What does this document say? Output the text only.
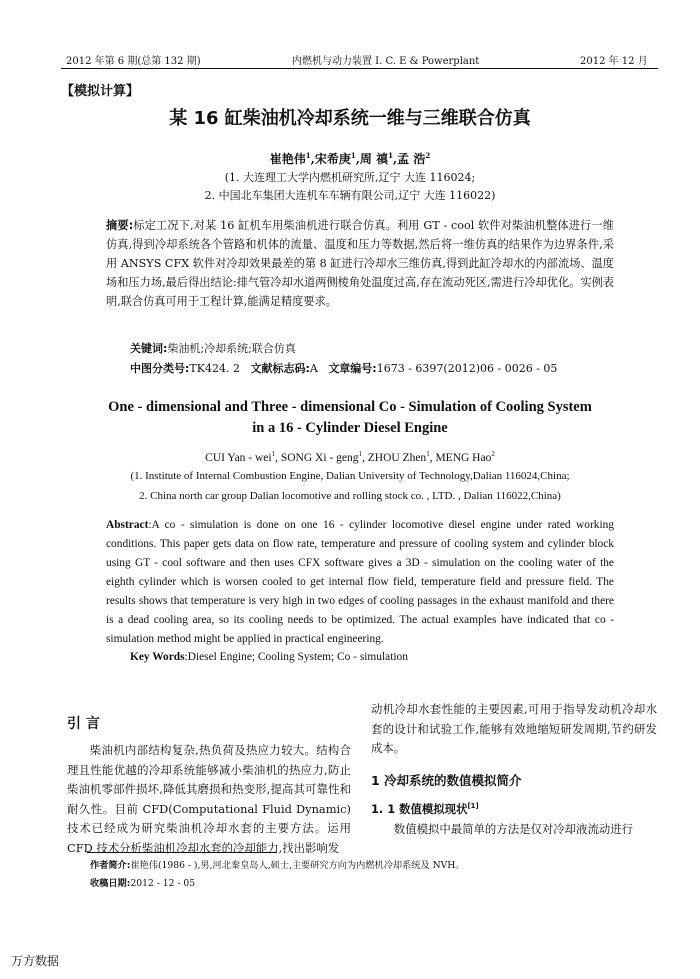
2012 年第 6 期(总第 132 期)	内燃机与动力装置 I. C. E & Powerplant	2012 年 12 月
【模拟计算】
某 16 缸柴油机冷却系统一维与三维联合仿真
崔艳伟$^1$,宋希庚$^1$,周 禛$^1$,孟 浩$^2$
(1. 大连理工大学内燃机研究所,辽宁 大连 116024;
2. 中国北车集团大连机车车辆有限公司,辽宁 大连 116022)
摘要:标定工况下,对某 16 缸机车用柴油机进行联合仿真。利用 GT - cool 软件对柴油机整体进行一维仿真,得到冷却系统各个管路和机体的流量、温度和压力等数据,然后将一维仿真的结果作为边界条件,采用 ANSYS CFX 软件对冷却效果最差的第 8 缸进行冷却水三维仿真,得到此缸冷却水的内部流场、温度场和压力场,最后得出结论:排气管冷却水道两侧棱角处温度过高,存在流动死区,需进行冷却优化。实例表明,联合仿真可用于工程计算,能满足精度要求。
关键词:柴油机;冷却系统;联合仿真
中图分类号:TK424. 2 文献标志码:A 文章编号:1673 - 6397(2012)06 - 0026 - 05
One - dimensional and Three - dimensional Co - Simulation of Cooling System
in a 16 - Cylinder Diesel Engine
CUI Yan - wei$^1$, SONG Xi - geng$^1$, ZHOU Zhen$^1$, MENG Hao$^2$
(1. Institute of Internal Combustion Engine, Dalian University of Technology,Dalian 116024,China;
2. China north car group Dalian locomotive and rolling stock co. , LTD. , Dalian 116022,China)
Abstract:A co - simulation is done on one 16 - cylinder locomotive diesel engine under rated working conditions. This paper gets data on flow rate, temperature and pressure of cooling system and cylinder block using GT - cool software and then uses CFX software gives a 3D - simulation on the cooling water of the eighth cylinder which is worsen cooled to get internal flow field, temperature field and pressure field. The results shows that temperature is very high in two edges of cooling passages in the exhaust manifold and there is a dead cooling area, so its cooling needs to be optimized. The actual examples have indicated that co - simulation method might be applied in practical engineering.
Key Words:Diesel Engine; Cooling System; Co - simulation
引 言
柴油机内部结构复杂,热负荷及热应力较大。结构合理且性能优越的冷却系统能够减小柴油机的热应力,防止柴油机零部件损坏,降低其磨损和热变形,提高其可靠性和耐久性。目前 CFD(Computational Fluid Dynamic)技术已经成为研究柴油机冷却水套的主要方法。运用 CFD 技术分析柴油机冷却水套的冷却能力,找出影响发
动机冷却水套性能的主要因素,可用于指导发动机冷却水套的设计和试验工作,能够有效地缩短研发周期,节约研发成本。
1 冷却系统的数值模拟简介
1. 1 数值模拟现状[1]
数值模拟中最简单的方法是仅对冷却液流动进行
作者简介:崔艳伟(1986 - ),男,河北秦皇岛人,硕士,主要研究方向为内燃机冷却系统及 NVH。
收稿日期:2012 - 12 - 05
万方数据
